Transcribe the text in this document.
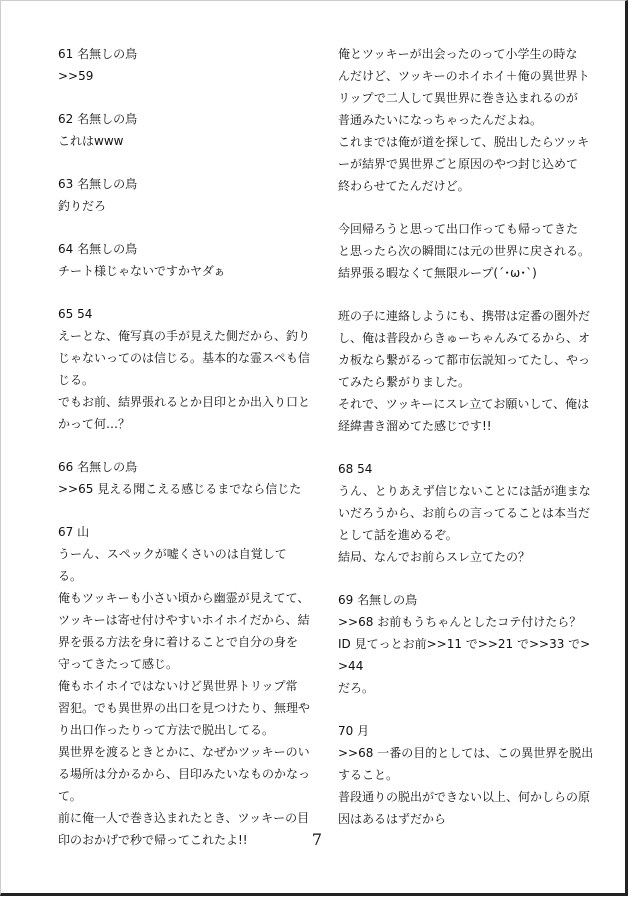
61 名無しの鳥
>>59
62 名無しの鳥
これはwww
63 名無しの鳥
釣りだろ
64 名無しの鳥
チート様じゃないですかヤダぁ
65 54
えーとな、俺写真の手が見えた側だから、釣り
じゃないってのは信じる。基本的な霊スペも信
じる。
でもお前、結界張れるとか目印とか出入り口と
かって何…？
66 名無しの鳥
>>65 見える聞こえる感じるまでなら信じた
67 山
うーん、スペックが嘘くさいのは自覚してる。
俺もツッキーも小さい頃から幽霊が見えてて、
ツッキーは寄せ付けやすいホイホイだから、結
界を張る方法を身に着けることで自分の身を
守ってきたって感じ。
俺もホイホイではないけど異世界トリップ常
習犯。でも異世界の出口を見つけたり、無理や
り出口作ったりって方法で脱出してる。
異世界を渡るときとかに、なぜかツッキーのい
る場所は分かるから、目印みたいなものかなっ
て。
前に俺一人で巻き込まれたとき、ツッキーの目
印のおかげで秒で帰ってこれたよ!!
俺とツッキーが出会ったのって小学生の時な
んだけど、ツッキーのホイホイ＋俺の異世界ト
リップで二人して異世界に巻き込まれるのが
普通みたいになっちゃったんだよね。
これまでは俺が道を探して、脱出したらツッキ
ーが結界で異世界ごと原因のやつ封じ込めて
終わらせてたんだけど。
今回帰ろうと思って出口作っても帰ってきた
と思ったら次の瞬間には元の世界に戻される。
結界張る暇なくて無限ループ(´･ω･`)
班の子に連絡しようにも、携帯は定番の圏外だ
し、俺は普段からきゅーちゃんみてるから、オ
カ板なら繋がるって都市伝説知ってたし、やっ
てみたら繋がりました。
それで、ツッキーにスレ立てお願いして、俺は
経緯書き溜めてた感じです!!
68 54
うん、とりあえず信じないことには話が進まな
いだろうから、お前らの言ってることは本当だ
として話を進めるぞ。
結局、なんでお前らスレ立てたの？
69 名無しの鳥
>>68 お前もうちゃんとしたコテ付けたら？
ID 見てっとお前>>11 で>>21 で>>33 で>>44
だろ。
70 月
>>68 一番の目的としては、この異世界を脱出
すること。
普段通りの脱出ができない以上、何かしらの原
因はあるはずだから
7
